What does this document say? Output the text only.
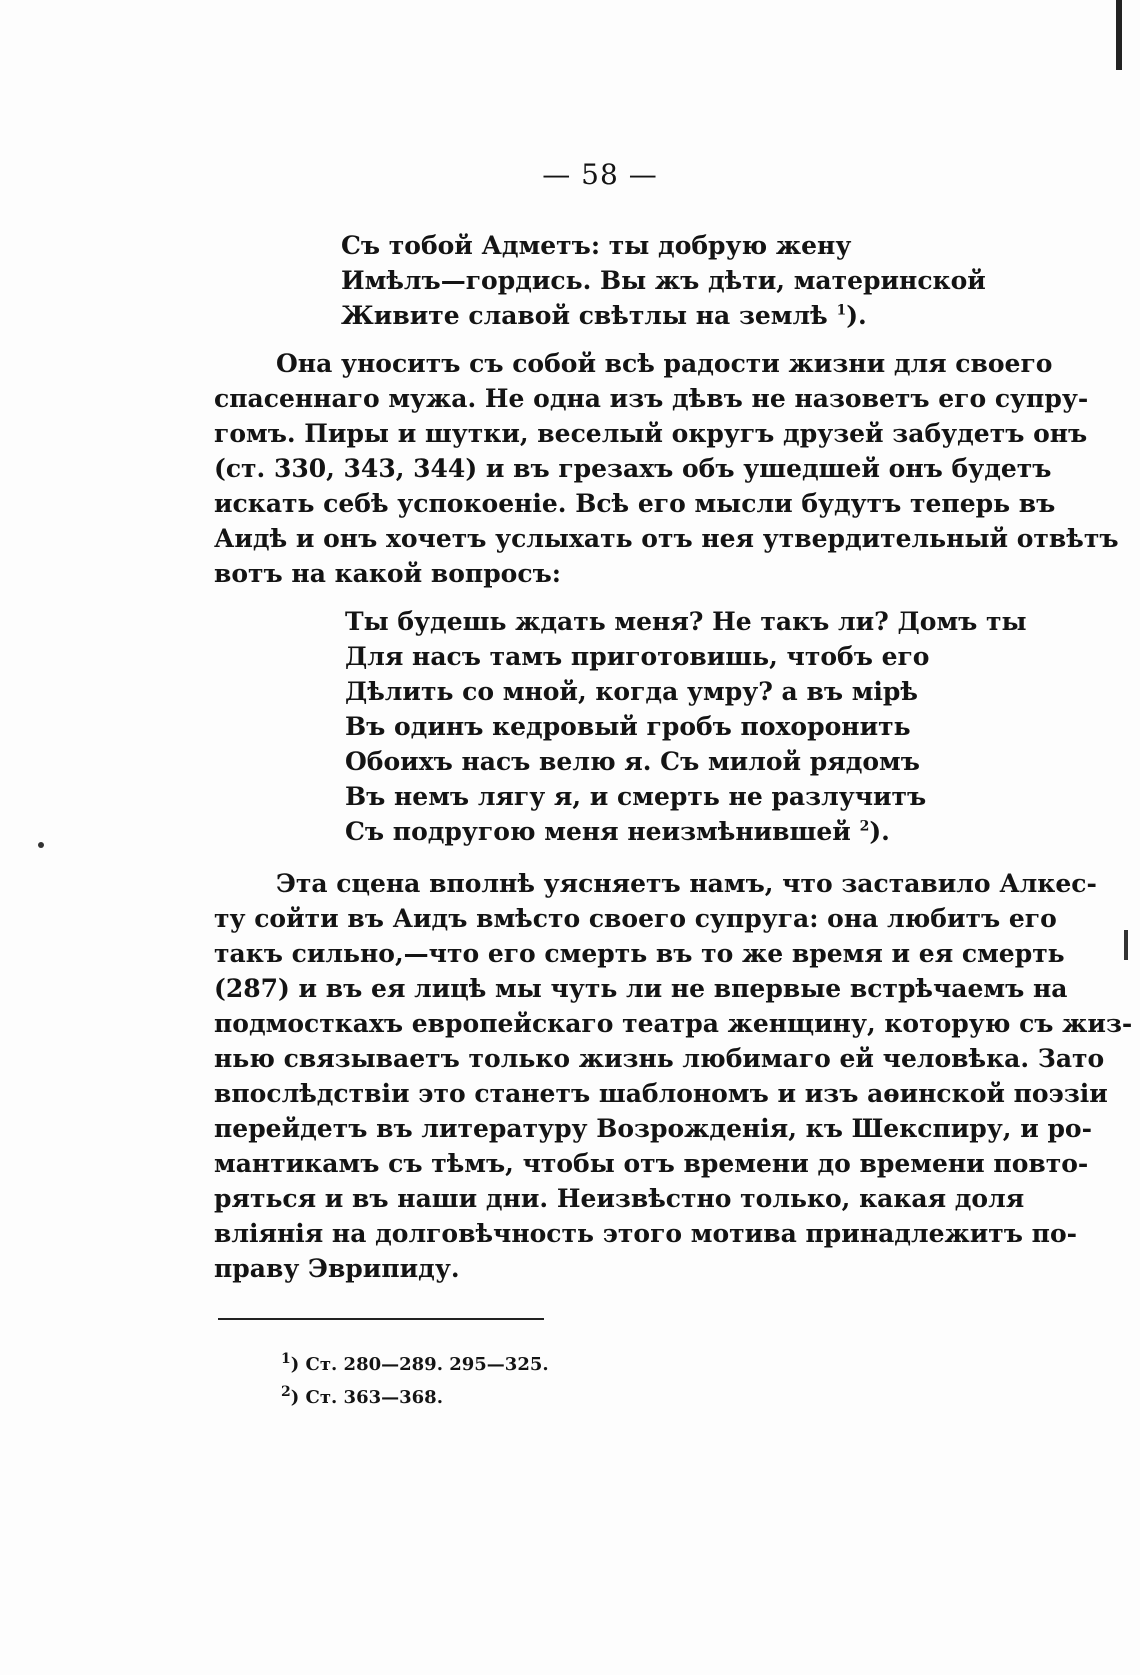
— 58 —
Съ тобой Адметъ: ты добрую жену
Имѣлъ—гордись. Вы жъ дѣти, материнской
Живите славой свѣтлы на землѣ $^1$).
Она уноситъ съ собой всѣ радости жизни для своего
спасеннаго мужа. Не одна изъ дѣвъ не назоветъ его супру-
гомъ. Пиры и шутки, веселый округъ друзей забудетъ онъ
(ст. 330, 343, 344) и въ грезахъ объ ушедшей онъ будетъ
искать себѣ успокоеніе. Всѣ его мысли будутъ теперь въ
Аидѣ и онъ хочетъ услыхать отъ нея утвердительный отвѣтъ
вотъ на какой вопросъ:
Ты будешь ждать меня? Не такъ ли? Домъ ты
Для насъ тамъ приготовишь, чтобъ его
Дѣлить со мной, когда умру? а въ мірѣ
Въ одинъ кедровый гробъ похоронить
Обоихъ насъ велю я. Съ милой рядомъ
Въ немъ лягу я, и смерть не разлучитъ
Съ подругою меня неизмѣнившей $^2$).
Эта сцена вполнѣ уясняетъ намъ, что заставило Алкес-
ту сойти въ Аидъ вмѣсто своего супруга: она любитъ его
такъ сильно,—что его смерть въ то же время и ея смерть
(287) и въ ея лицѣ мы чуть ли не впервые встрѣчаемъ на
подмосткахъ европейскаго театра женщину, которую съ жиз-
нью связываетъ только жизнь любимаго ей человѣка. Зато
впослѣдствіи это станетъ шаблономъ и изъ аѳинской поэзіи
перейдетъ въ литературу Возрожденія, къ Шекспиру, и ро-
мантикамъ съ тѣмъ, чтобы отъ времени до времени повто-
ряться и въ наши дни. Неизвѣстно только, какая доля
вліянія на долговѣчность этого мотива принадлежитъ по-
праву Эврипиду.
$^1$) Ст. 280—289. 295—325.
$^2$) Ст. 363—368.
